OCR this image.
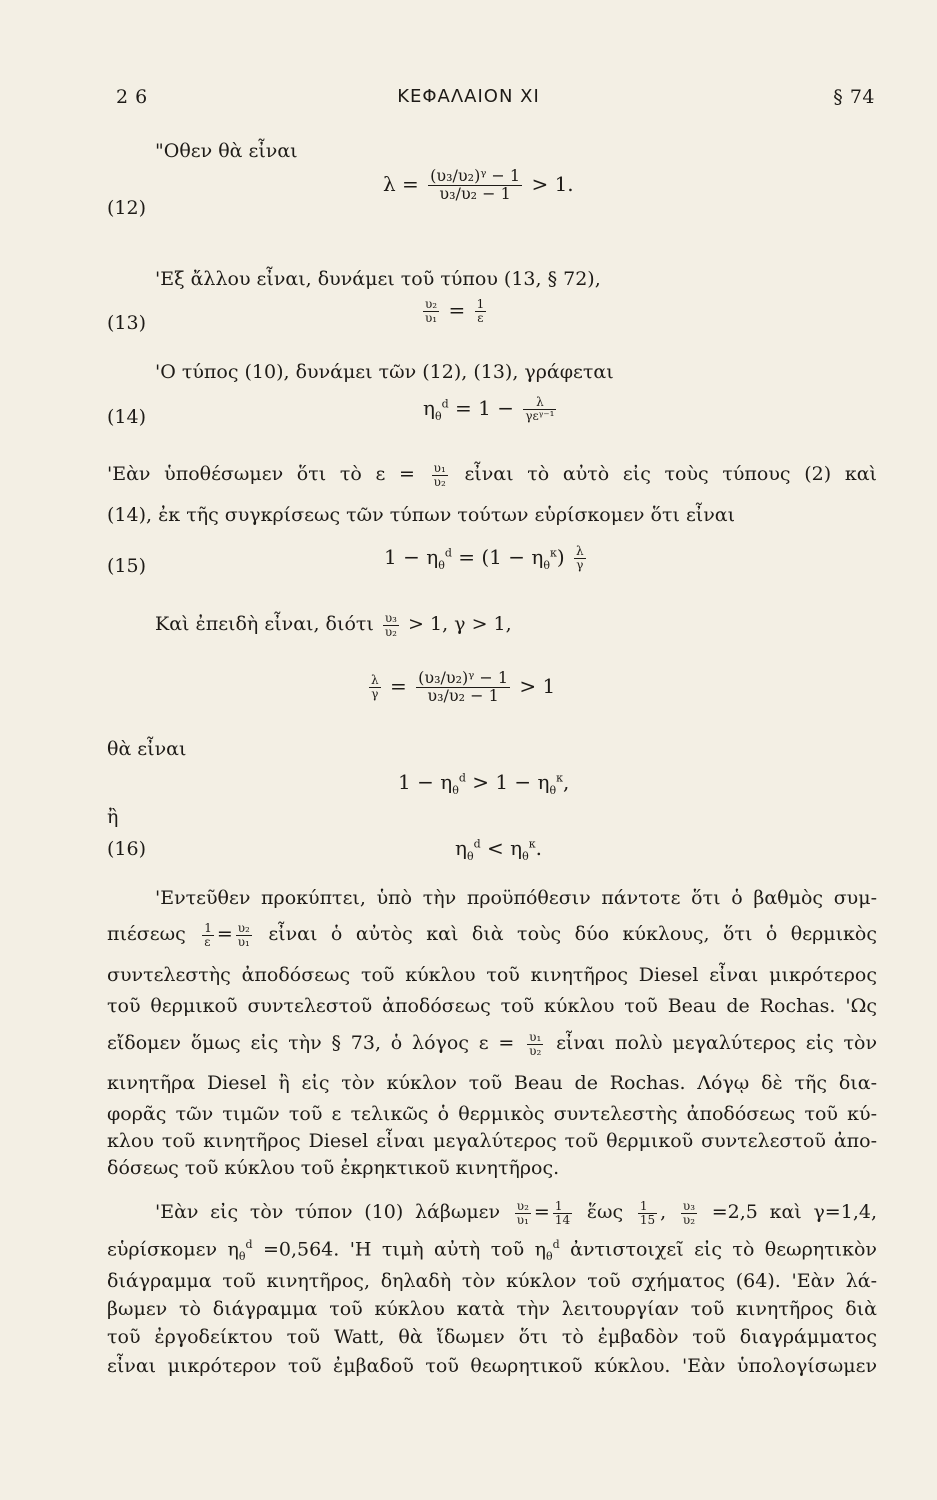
2 6	ΚΕΦΑΛΑΙΟΝ ΧΙ	§ 74
"Οθεν θὰ εἶναι
(12)
$\lambda = \frac{\text{(υ₃/υ₂)ᵞ − 1}}{\text{υ₃/υ₂ − 1}} > 1$.
'Εξ ἄλλου εἶναι, δυνάμει τοῦ τύπου (13, § 72),
(13)	$\frac{\text{υ₂}}{\text{υ₁}} = \frac{1}{\varepsilon}$
'Ο τύπος (10), δυνάμει τῶν (12), (13), γράφεται
(14)	$\eta_\theta^d = 1 - \frac{\lambda}{\text{γεᵞ⁻¹}}$
'Εὰν ὑποθέσωμεν ὅτι τὸ $\varepsilon = \frac{\text{υ₁}}{\text{υ₂}}$ εἶναι τὸ αὐτὸ εἰς τοὺς τύπους (2) καὶ
(14), ἐκ τῆς συγκρίσεως τῶν τύπων τούτων εὑρίσκομεν ὅτι εἶναι
(15)	$1 - \eta_\theta^d = (1 - \eta_\theta^\kappa) \frac{\lambda}{\gamma}$
Καὶ ἐπειδὴ εἶναι, διότι $\frac{\text{υ₃}}{\text{υ₂}} > 1$, γ > 1,
$\frac{\lambda}{\gamma} = \frac{\text{(υ₃/υ₂)ᵞ − 1}}{\text{υ₃/υ₂ − 1}} > 1$
θὰ εἶναι
$1 - \eta_\theta^d > 1 - \eta_\theta^\kappa$,
ἢ
(16)	$\eta_\theta^d < \eta_\theta^\kappa$.
'Εντεῦθεν προκύπτει, ὑπὸ τὴν προϋπόθεσιν πάντοτε ὅτι ὁ βαθμὸς συμ-
πιέσεως $\frac{1}{\varepsilon} = \frac{\text{υ₂}}{\text{υ₁}}$ εἶναι ὁ αὐτὸς καὶ διὰ τοὺς δύο κύκλους, ὅτι ὁ θερμικὸς
συντελεστὴς ἀποδόσεως τοῦ κύκλου τοῦ κινητῆρος Diesel εἶναι μικρότερος
τοῦ θερμικοῦ συντελεστοῦ ἀποδόσεως τοῦ κύκλου τοῦ Beau de Rochas. 'Ως
εἴδομεν ὅμως εἰς τὴν § 73, ὁ λόγος $\varepsilon = \frac{\text{υ₁}}{\text{υ₂}}$ εἶναι πολὺ μεγαλύτερος εἰς τὸν
κινητῆρα Diesel ἢ εἰς τὸν κύκλον τοῦ Beau de Rochas. Λόγῳ δὲ τῆς δια-
φορᾶς τῶν τιμῶν τοῦ ε τελικῶς ὁ θερμικὸς συντελεστὴς ἀποδόσεως τοῦ κύ-
κλου τοῦ κινητῆρος Diesel εἶναι μεγαλύτερος τοῦ θερμικοῦ συντελεστοῦ ἀπο-
δόσεως τοῦ κύκλου τοῦ ἐκρηκτικοῦ κινητῆρος.
'Εὰν εἰς τὸν τύπον (10) λάβωμεν $\frac{\text{υ₂}}{\text{υ₁}} = \frac{1}{14}$ ἕως $\frac{1}{15}$ , $\frac{\text{υ₃}}{\text{υ₂}} =2,5$ καὶ γ=1,4,
εὑρίσκομεν $\eta_\theta^d =0,564$. 'Η τιμὴ αὐτὴ τοῦ $\eta_\theta^d$ ἀντιστοιχεῖ εἰς τὸ θεωρητικὸν
διάγραμμα τοῦ κινητῆρος, δηλαδὴ τὸν κύκλον τοῦ σχήματος (64). 'Εὰν λά-
βωμεν τὸ διάγραμμα τοῦ κύκλου κατὰ τὴν λειτουργίαν τοῦ κινητῆρος διὰ
τοῦ ἐργοδείκτου τοῦ Watt, θὰ ἴδωμεν ὅτι τὸ ἐμβαδὸν τοῦ διαγράμματος
εἶναι μικρότερον τοῦ ἐμβαδοῦ τοῦ θεωρητικοῦ κύκλου. 'Εὰν ὑπολογίσωμεν
